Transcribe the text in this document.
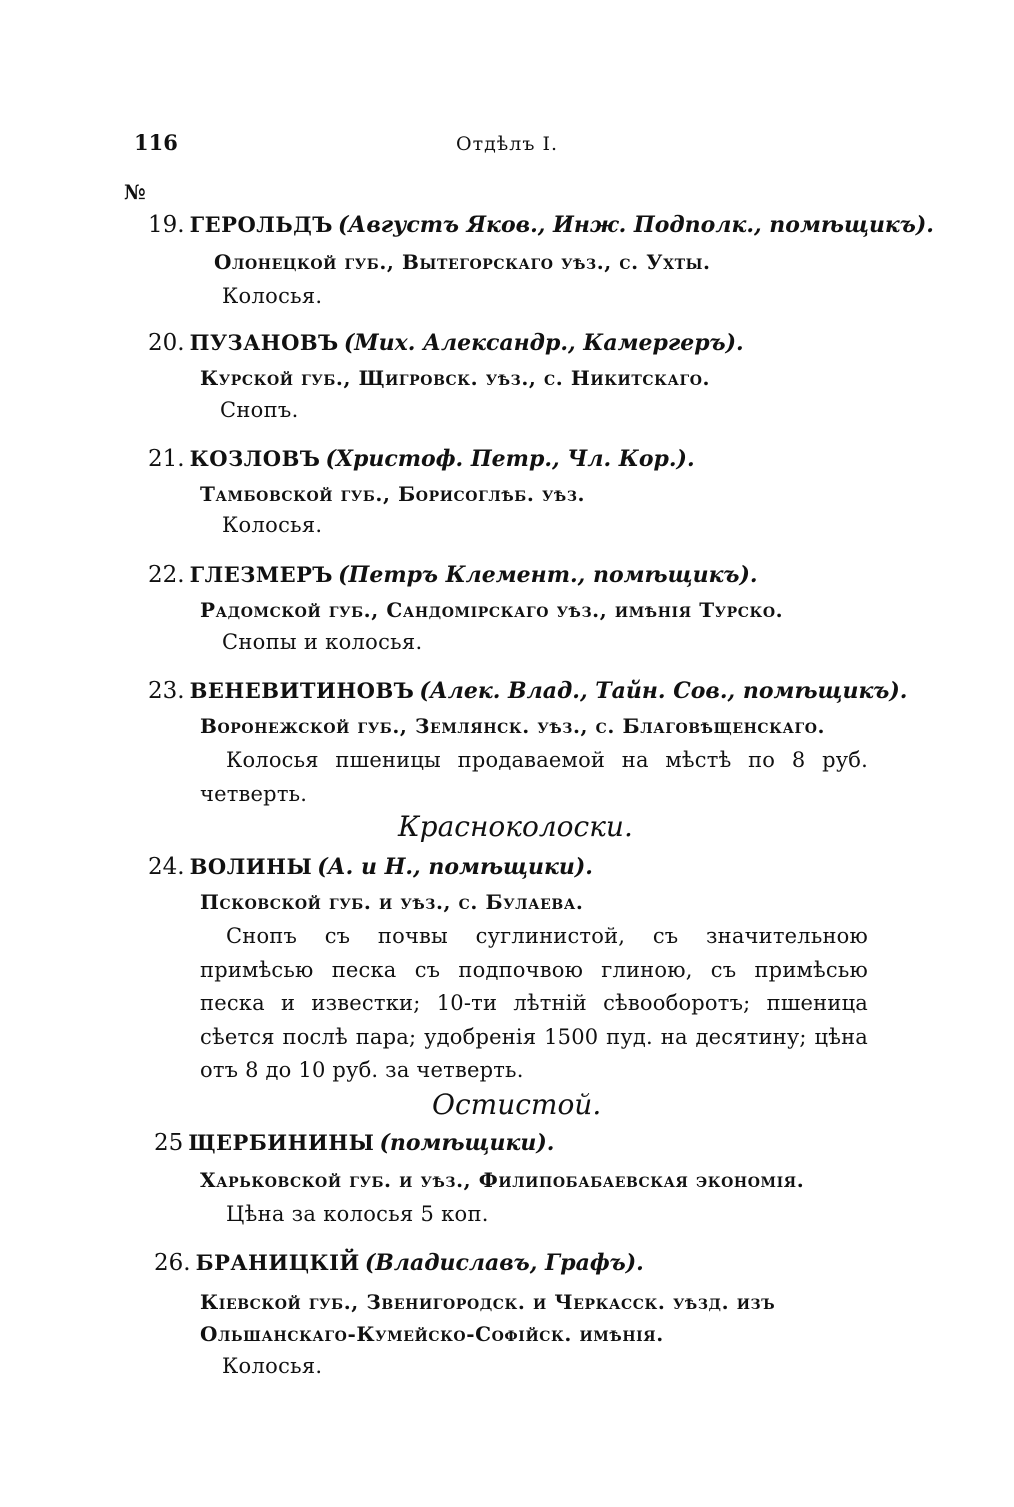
116	Отдѣлъ I.
№
19. ГЕРОЛЬДЪ (Августъ Яков., Инж. Подполк., помѣщикъ).
Олонецкой губ., Вытегорскаго уѣз., с. Ухты.
Колосья.
20. ПУЗАНОВЪ (Мих. Александр., Камергеръ).
Курской губ., Щигровск. уѣз., с. Никитскаго.
Снопъ.
21. КОЗЛОВЪ (Христоф. Петр., Чл. Кор.).
Тамбовской губ., Борисоглѣб. уѣз.
Колосья.
22. ГЛЕЗМЕРЪ (Петръ Клемент., помѣщикъ).
Радомской губ., Сандомірскаго уѣз., имѣнія Турско.
Снопы и колосья.
23. ВЕНЕВИТИНОВЪ (Алек. Влад., Тайн. Сов., помѣщикъ).
Воронежской губ., Землянск. уѣз., с. Благовѣщенскаго.
Колосья пшеницы продаваемой на мѣстѣ по 8 руб. четверть.
Красноколоски.
24. ВОЛИНЫ (А. и Н., помѣщики).
Псковской губ. и уѣз., с. Булаева.
Снопъ съ почвы суглинистой, съ значительною примѣсью песка съ подпочвою глиною, съ примѣсью песка и известки; 10-ти лѣтній сѣвооборотъ; пшеница сѣется послѣ пара; удобренія 1500 пуд. на десятину; цѣна отъ 8 до 10 руб. за четверть.
Остистой.
25 ЩЕРБИНИНЫ (помѣщики).
Харьковской губ. и уѣз., Филипобабаевская экономія.
Цѣна за колосья 5 коп.
26. БРАНИЦКІЙ (Владиславъ, Графъ).
Кіевской губ., Звенигородск. и Черкасск. уѣзд. изъ Ольшанскаго-Кумейско-Софійск. имѣнія.
Колосья.
